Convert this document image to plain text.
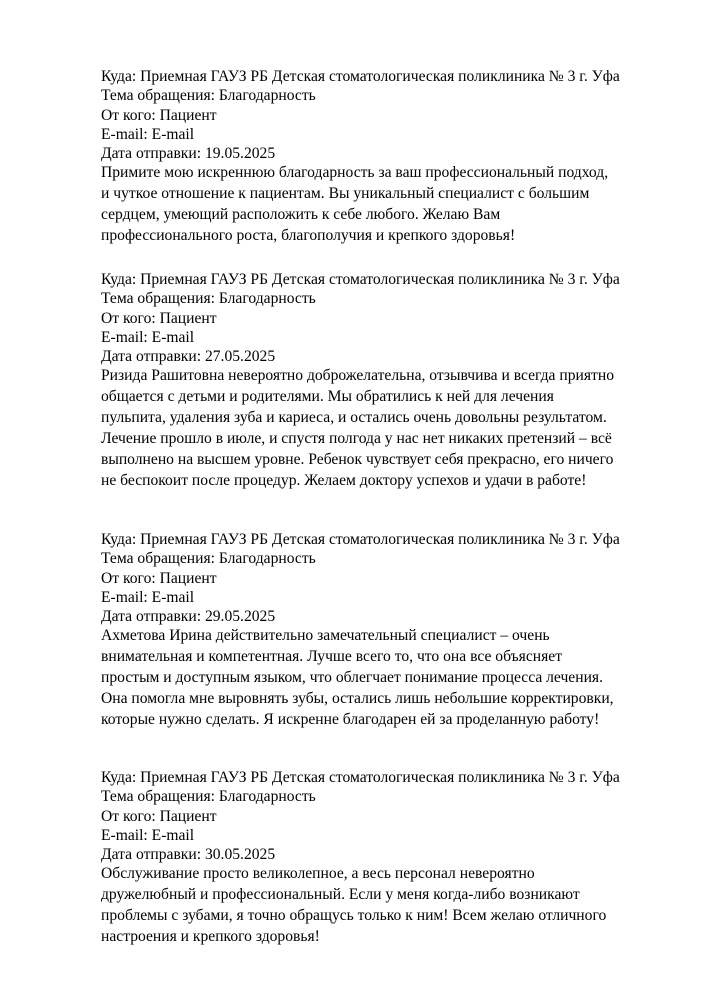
Куда: Приемная ГАУЗ РБ Детская стоматологическая поликлиника № 3 г. Уфа
Тема обращения: Благодарность
От кого: Пациент
E-mail: E-mail
Дата отправки: 19.05.2025
Примите мою искреннюю благодарность за ваш профессиональный подход,
и чуткое отношение к пациентам. Вы уникальный специалист с большим
сердцем, умеющий расположить к себе любого. Желаю Вам
профессионального роста, благополучия и крепкого здоровья!
Куда: Приемная ГАУЗ РБ Детская стоматологическая поликлиника № 3 г. Уфа
Тема обращения: Благодарность
От кого: Пациент
E-mail: E-mail
Дата отправки: 27.05.2025
Ризида Рашитовна невероятно доброжелательна, отзывчива и всегда приятно
общается с детьми и родителями. Мы обратились к ней для лечения
пульпита, удаления зуба и кариеса, и остались очень довольны результатом.
Лечение прошло в июле, и спустя полгода у нас нет никаких претензий – всё
выполнено на высшем уровне. Ребенок чувствует себя прекрасно, его ничего
не беспокоит после процедур. Желаем доктору успехов и удачи в работе!
Куда: Приемная ГАУЗ РБ Детская стоматологическая поликлиника № 3 г. Уфа
Тема обращения: Благодарность
От кого: Пациент
E-mail: E-mail
Дата отправки: 29.05.2025
Ахметова Ирина действительно замечательный специалист – очень
внимательная и компетентная. Лучше всего то, что она все объясняет
простым и доступным языком, что облегчает понимание процесса лечения.
Она помогла мне выровнять зубы, остались лишь небольшие корректировки,
которые нужно сделать. Я искренне благодарен ей за проделанную работу!
Куда: Приемная ГАУЗ РБ Детская стоматологическая поликлиника № 3 г. Уфа
Тема обращения: Благодарность
От кого: Пациент
E-mail: E-mail
Дата отправки: 30.05.2025
Обслуживание просто великолепное, а весь персонал невероятно
дружелюбный и профессиональный. Если у меня когда-либо возникают
проблемы с зубами, я точно обращусь только к ним! Всем желаю отличного
настроения и крепкого здоровья!
